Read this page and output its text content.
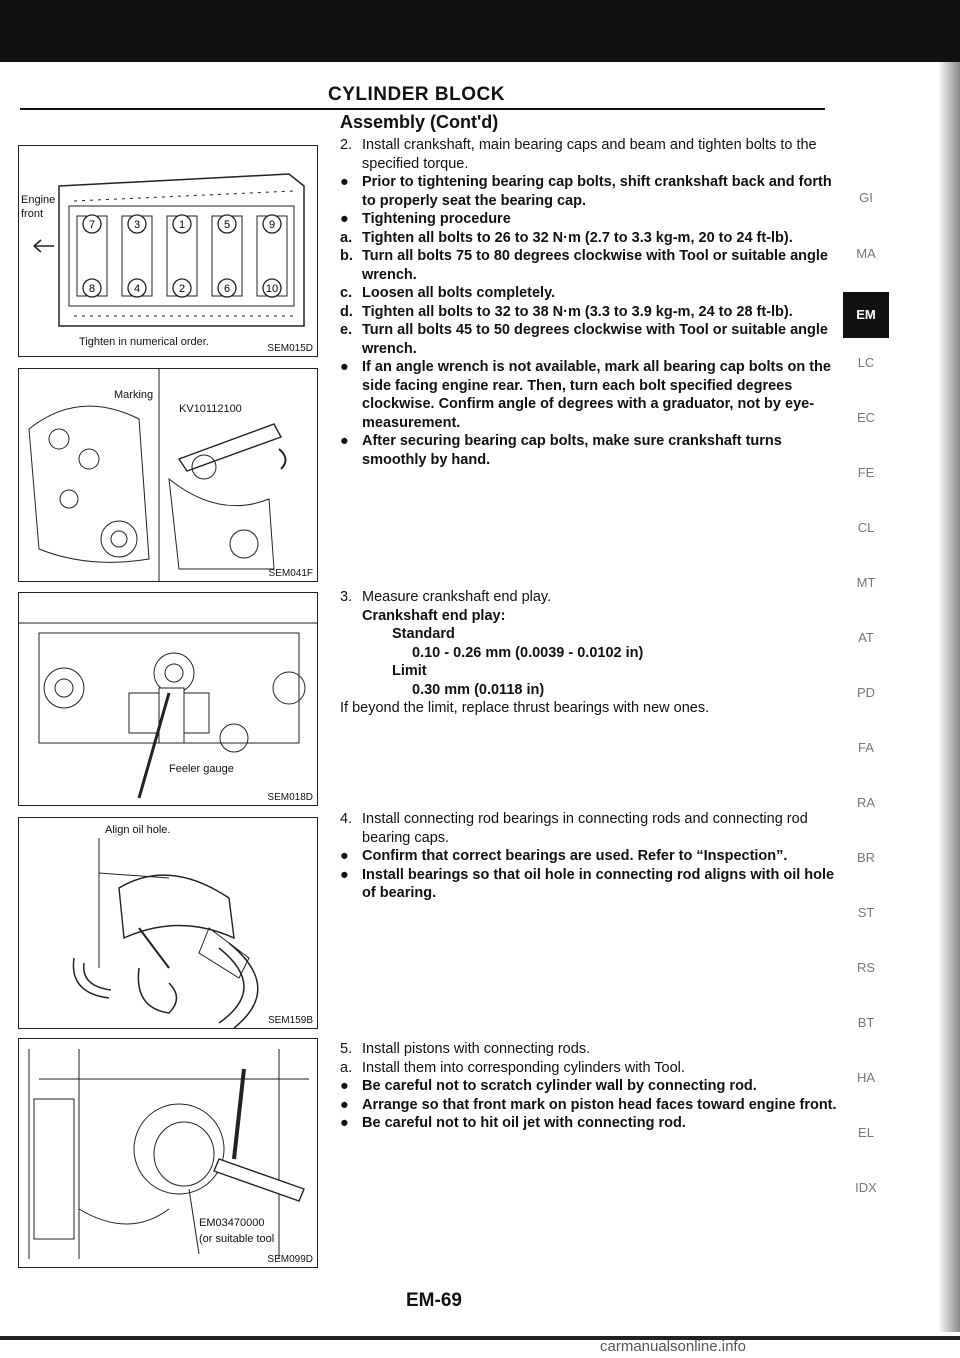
CYLINDER BLOCK
Assembly (Cont'd)
7	3	1	5	9
8	4	2	6	10
Engine
front
Tighten in numerical order.
SEM015D
Marking
KV10112100
SEM041F
Feeler gauge
SEM018D
Align oil hole.
SEM159B
EM03470000
(or suitable tool
SEM099D
2. Install crankshaft, main bearing caps and beam and tighten bolts to the specified torque.
● Prior to tightening bearing cap bolts, shift crankshaft back and forth to properly seat the bearing cap.
● Tightening procedure
a. Tighten all bolts to 26 to 32 N·m (2.7 to 3.3 kg-m, 20 to 24 ft-lb).
b. Turn all bolts 75 to 80 degrees clockwise with Tool or suitable angle wrench.
c. Loosen all bolts completely.
d. Tighten all bolts to 32 to 38 N·m (3.3 to 3.9 kg-m, 24 to 28 ft-lb).
e. Turn all bolts 45 to 50 degrees clockwise with Tool or suitable angle wrench.
● If an angle wrench is not available, mark all bearing cap bolts on the side facing engine rear. Then, turn each bolt specified degrees clockwise. Confirm angle of degrees with a graduator, not by eye-measurement.
● After securing bearing cap bolts, make sure crankshaft turns smoothly by hand.
3. Measure crankshaft end play.
Crankshaft end play:
Standard
0.10 - 0.26 mm (0.0039 - 0.0102 in)
Limit
0.30 mm (0.0118 in)
If beyond the limit, replace thrust bearings with new ones.
4. Install connecting rod bearings in connecting rods and connecting rod bearing caps.
● Confirm that correct bearings are used. Refer to “Inspection”.
● Install bearings so that oil hole in connecting rod aligns with oil hole of bearing.
5. Install pistons with connecting rods.
a. Install them into corresponding cylinders with Tool.
● Be careful not to scratch cylinder wall by connecting rod.
● Arrange so that front mark on piston head faces toward engine front.
● Be careful not to hit oil jet with connecting rod.
GI
MA
EM
LC
EC
FE
CL
MT
AT
PD
FA
RA
BR
ST
RS
BT
HA
EL
IDX
EM-69
carmanualsonline.info
